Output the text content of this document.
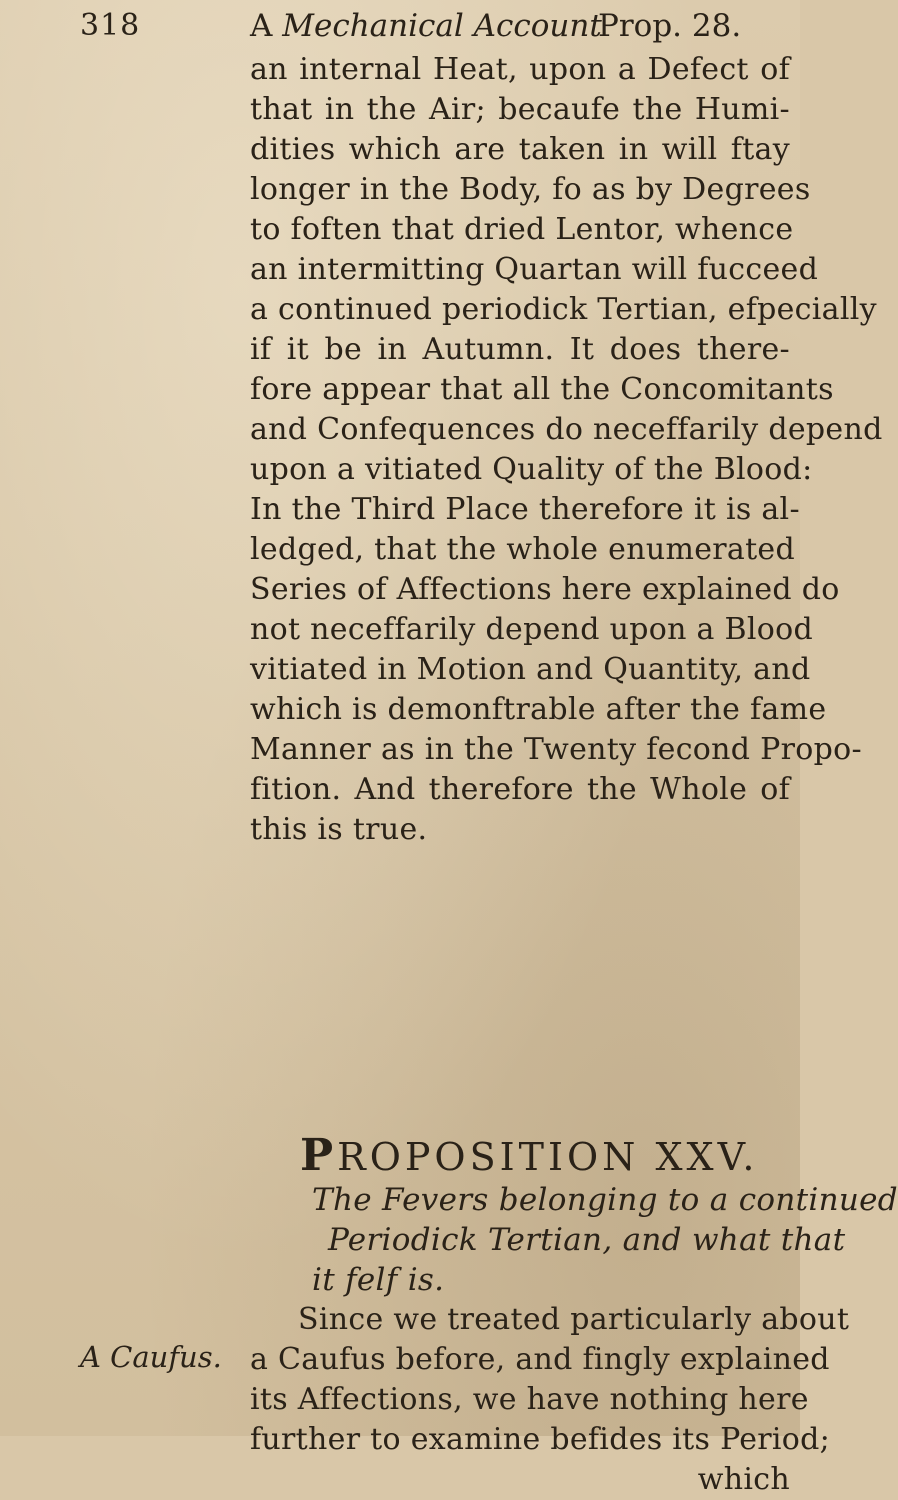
318	A Mechanical Account
Prop. 28.
an internal Heat, upon a Defect of
that in the Air; becaufe the Humi-
dities which are taken in will ftay
longer in the Body, fo as by Degrees
to foften that dried Lentor, whence
an intermitting Quartan will fucceed
a continued periodick Tertian, efpecially
if it be in Autumn. It does there-
fore appear that all the Concomitants
and Confequences do neceffarily depend
upon a vitiated Quality of the Blood:
In the Third Place therefore it is al-
ledged, that the whole enumerated
Series of Affections here explained do
not neceffarily depend upon a Blood
vitiated in Motion and Quantity, and
which is demonftrable after the fame
Manner as in the Twenty fecond Propo-
fition. And therefore the Whole of
this is true.
PROPOSITION XXV.
The Fevers belonging to a continued
Periodick Tertian, and what that
it felf is.
A Caufus.
Since we treated particularly about
a Caufus before, and fingly explained
its Affections, we have nothing here
further to examine befides its Period;
which
